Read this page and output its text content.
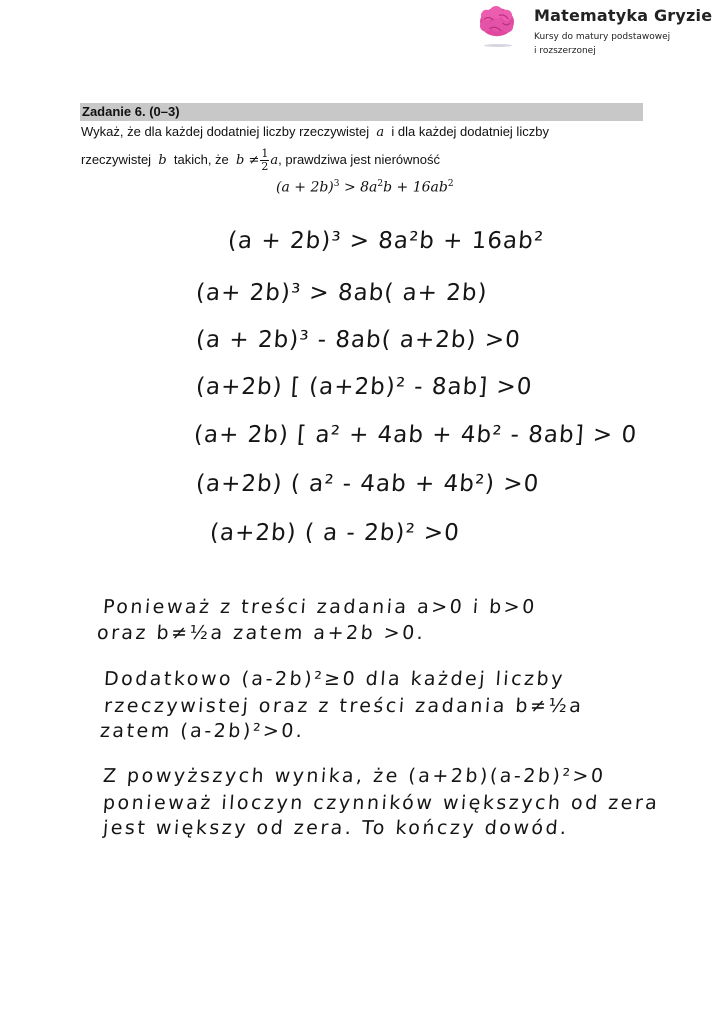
Matematyka Gryzie
Kursy do matury podstawowej
i rozszerzonej
Zadanie 6. (0–3)
Wykaż, że dla każdej dodatniej liczby rzeczywistej a i dla każdej dodatniej liczby
rzeczywistej b takich, że $b \ne \frac{1}{2} a$, prawdziwa jest nierówność
$(a + 2b)^3 > 8a^2b + 16ab^2$
(a + 2b)³ > 8a²b + 16ab²
(a+ 2b)³ > 8ab( a+ 2b)
(a + 2b)³ - 8ab( a+2b) >0
(a+2b) [ (a+2b)² - 8ab] >0
(a+ 2b) [ a² + 4ab + 4b² - 8ab] > 0
(a+2b) ( a² - 4ab + 4b²) >0
(a+2b) ( a - 2b)² >0
Ponieważ z treści zadania a>0 i b>0
oraz b≠½a zatem a+2b >0.
Dodatkowo (a-2b)²≥0 dla każdej liczby
rzeczywistej oraz z treści zadania b≠½a
zatem (a-2b)²>0.
Z powyższych wynika, że (a+2b)(a-2b)²>0
ponieważ iloczyn czynników większych od zera
jest większy od zera. To kończy dowód.
